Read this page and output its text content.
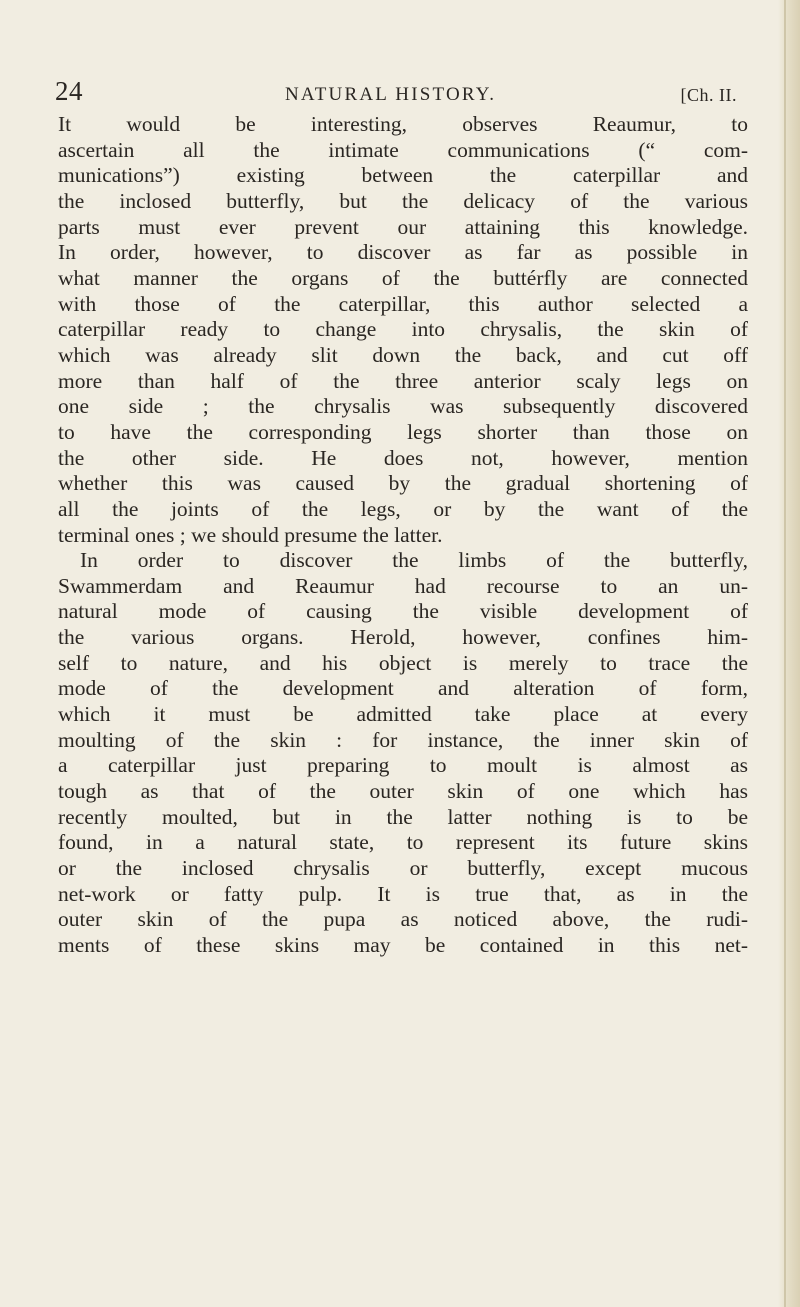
24	NATURAL HISTORY.	[Ch. II.
It would be interesting, observes Reaumur, to
ascertain all the intimate communications (“ com-
munications”) existing between the caterpillar and
the inclosed butterfly, but the delicacy of the various
parts must ever prevent our attaining this knowledge.
In order, however, to discover as far as possible in
what manner the organs of the buttérfly are connected
with those of the caterpillar, this author selected a
caterpillar ready to change into chrysalis, the skin of
which was already slit down the back, and cut off
more than half of the three anterior scaly legs on
one side ; the chrysalis was subsequently discovered
to have the corresponding legs shorter than those on
the other side. He does not, however, mention
whether this was caused by the gradual shortening of
all the joints of the legs, or by the want of the
terminal ones ; we should presume the latter.
In order to discover the limbs of the butterfly,
Swammerdam and Reaumur had recourse to an un-
natural mode of causing the visible development of
the various organs. Herold, however, confines him-
self to nature, and his object is merely to trace the
mode of the development and alteration of form,
which it must be admitted take place at every
moulting of the skin : for instance, the inner skin of
a caterpillar just preparing to moult is almost as
tough as that of the outer skin of one which has
recently moulted, but in the latter nothing is to be
found, in a natural state, to represent its future skins
or the inclosed chrysalis or butterfly, except mucous
net-work or fatty pulp. It is true that, as in the
outer skin of the pupa as noticed above, the rudi-
ments of these skins may be contained in this net-
